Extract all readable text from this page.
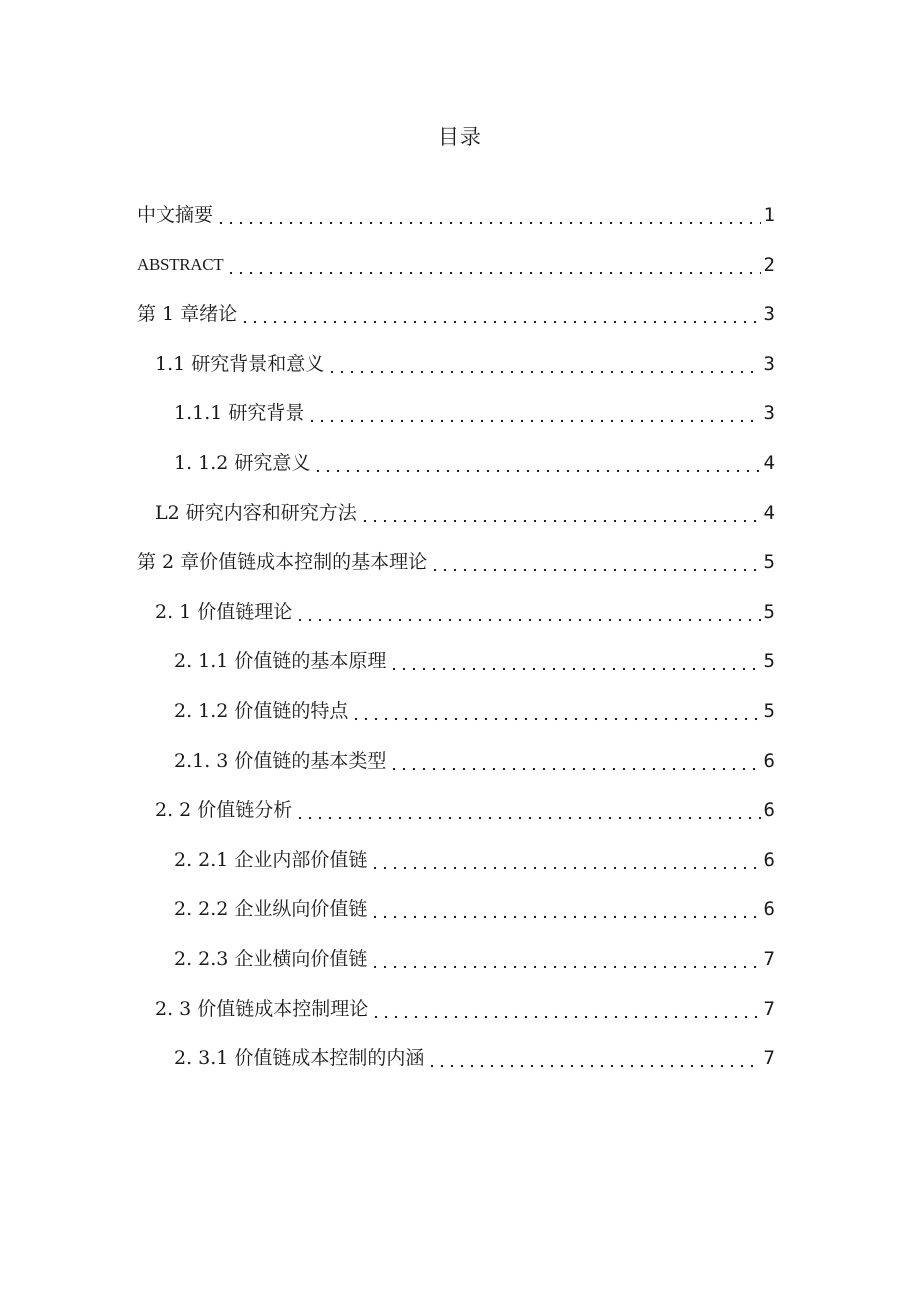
目录
中文摘要	1
ABSTRACT	2
第 1 章绪论	3
1.1 研究背景和意义	3
1.1.1 研究背景	3
1. 1.2 研究意义	4
L2 研究内容和研究方法	4
第 2 章价值链成本控制的基本理论	5
2. 1 价值链理论	5
2. 1.1 价值链的基本原理	5
2. 1.2 价值链的特点	5
2.1. 3 价值链的基本类型	6
2. 2 价值链分析	6
2. 2.1 企业内部价值链	6
2. 2.2 企业纵向价值链	6
2. 2.3 企业横向价值链	7
2. 3 价值链成本控制理论	7
2. 3.1 价值链成本控制的内涵	7
